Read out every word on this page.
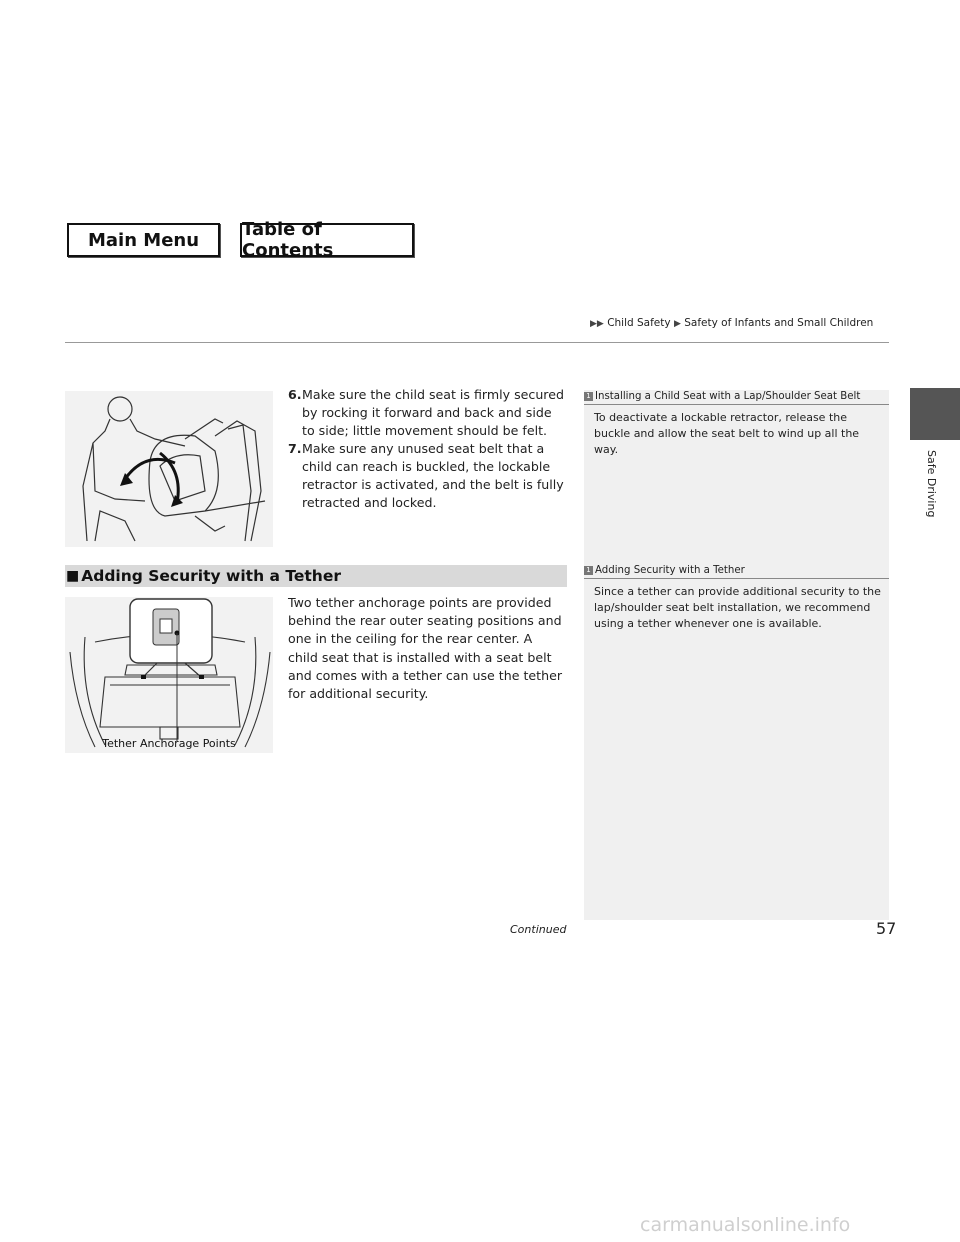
Main Menu	Table of Contents
▶▶ Child Safety ▶ Safety of Infants and Small Children
Safe Driving

6. Make sure the child seat is firmly secured by rocking it forward and back and side to side; little movement should be felt.

7. Make sure any unused seat belt that a child can reach is buckled, the lockable retractor is activated, and the belt is fully retracted and locked.

■ Adding Security with a Tether
Tether Anchorage Points

Two tether anchorage points are provided behind the rear outer seating positions and one in the ceiling for the rear center. A child seat that is installed with a seat belt and comes with a tether can use the tether for additional security.

1 Installing a Child Seat with a Lap/Shoulder Seat Belt

To deactivate a lockable retractor, release the buckle and allow the seat belt to wind up all the way.

1 Adding Security with a Tether

Since a tether can provide additional security to the lap/shoulder seat belt installation, we recommend using a tether whenever one is available.

Continued	57
carmanualsonline.info
